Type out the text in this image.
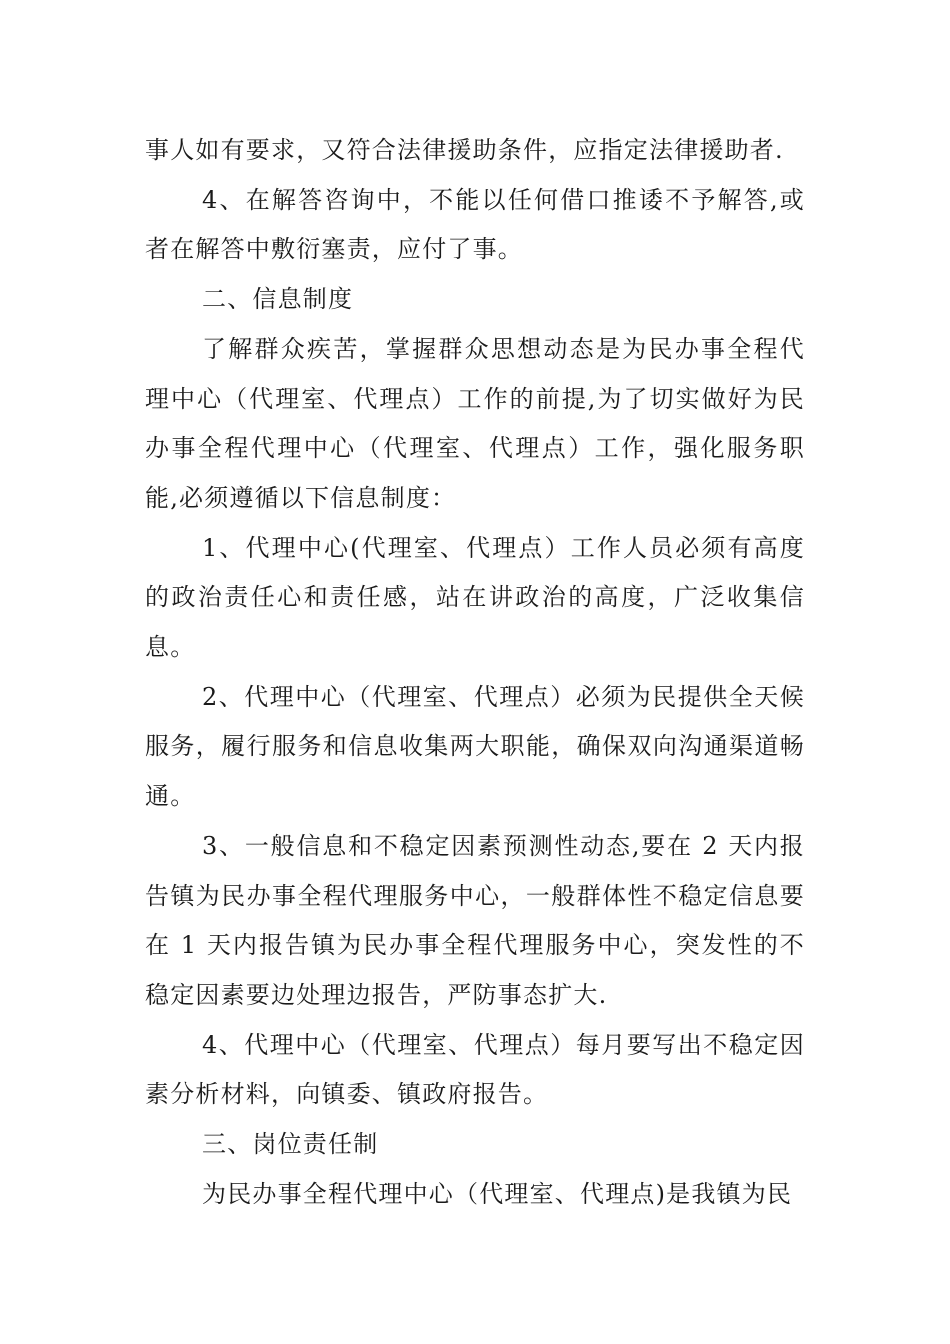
事人如有要求，又符合法律援助条件，应指定法律援助者.

4、在解答咨询中，不能以任何借口推诿不予解答,或者在解答中敷衍塞责，应付了事。

二、信息制度

了解群众疾苦，掌握群众思想动态是为民办事全程代理中心（代理室、代理点）工作的前提,为了切实做好为民办事全程代理中心（代理室、代理点）工作，强化服务职能,必须遵循以下信息制度：

1、代理中心(代理室、代理点）工作人员必须有高度的政治责任心和责任感，站在讲政治的高度，广泛收集信息。

2、代理中心（代理室、代理点）必须为民提供全天候服务，履行服务和信息收集两大职能，确保双向沟通渠道畅通。

3、一般信息和不稳定因素预测性动态,要在 2 天内报告镇为民办事全程代理服务中心，一般群体性不稳定信息要在 1 天内报告镇为民办事全程代理服务中心，突发性的不稳定因素要边处理边报告，严防事态扩大.

4、代理中心（代理室、代理点）每月要写出不稳定因素分析材料，向镇委、镇政府报告。

三、岗位责任制

为民办事全程代理中心（代理室、代理点)是我镇为民
